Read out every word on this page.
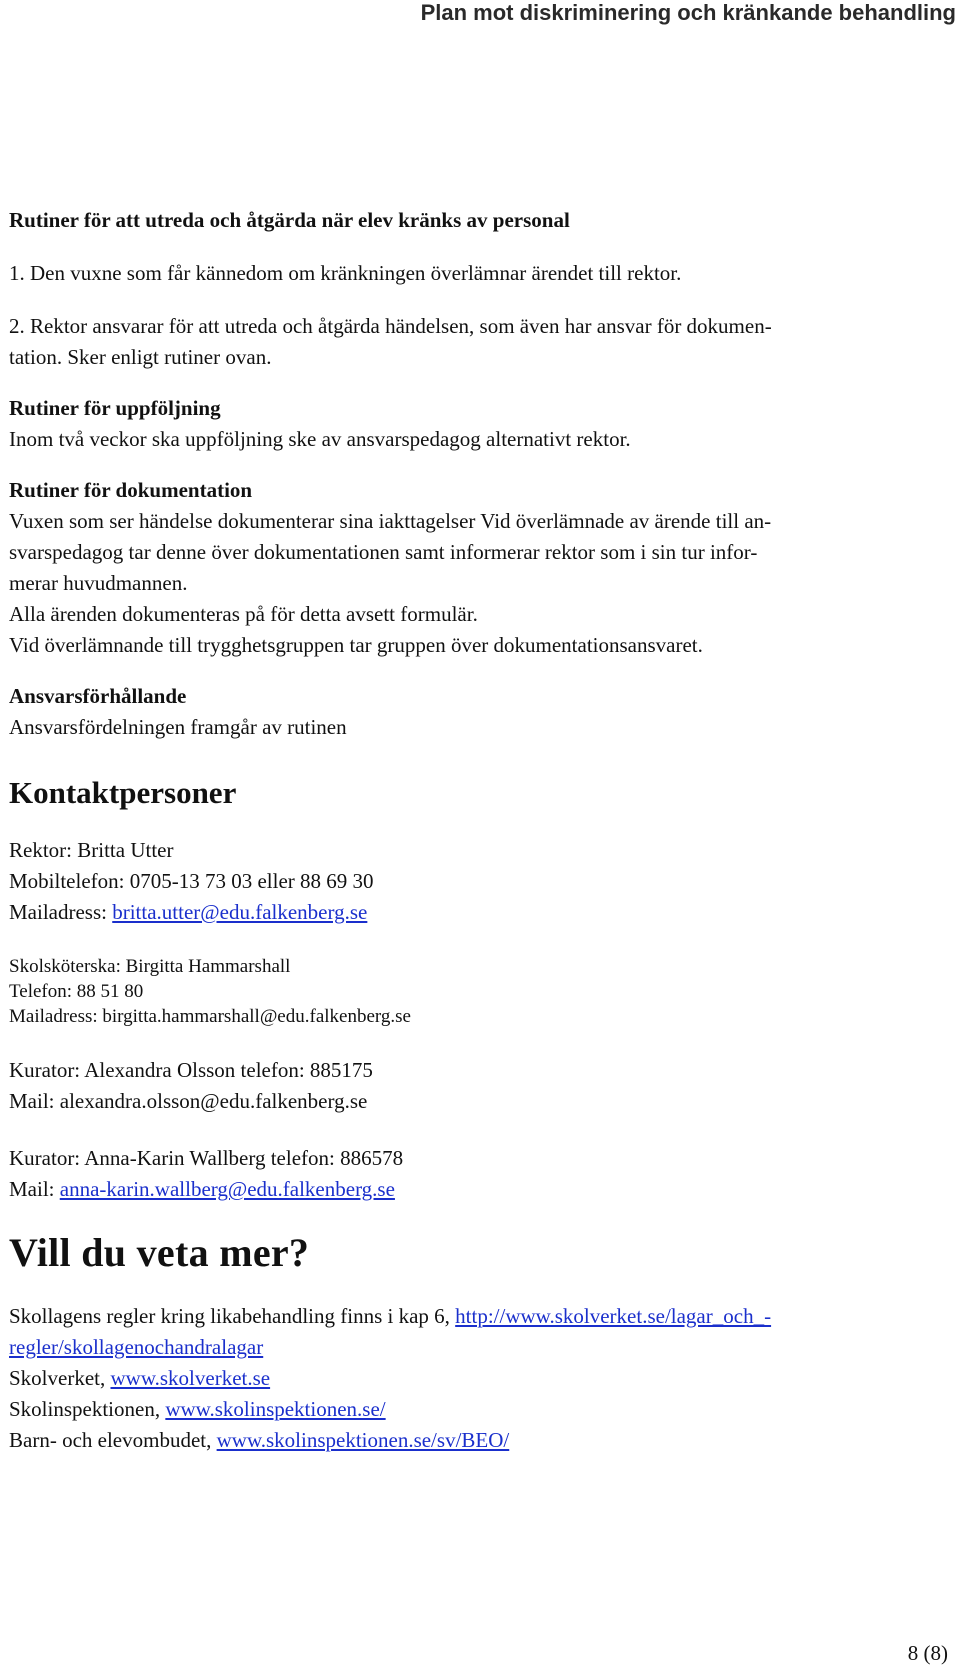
Plan mot diskriminering och kränkande behandling

Rutiner för att utreda och åtgärda när elev kränks av personal

1. Den vuxne som får kännedom om kränkningen överlämnar ärendet till rektor.

2. Rektor ansvarar för att utreda och åtgärda händelsen, som även har ansvar för dokumen-

tation. Sker enligt rutiner ovan.

Rutiner för uppföljning

Inom två veckor ska uppföljning ske av ansvarspedagog alternativt rektor.

Rutiner för dokumentation

Vuxen som ser händelse dokumenterar sina iakttagelser Vid överlämnade av ärende till an-

svarspedagog tar denne över dokumentationen samt informerar rektor som i sin tur infor-

merar huvudmannen.

Alla ärenden dokumenteras på för detta avsett formulär.

Vid överlämnande till trygghetsgruppen tar gruppen över dokumentationsansvaret.

Ansvarsförhållande

Ansvarsfördelningen framgår av rutinen

Kontaktpersoner

Rektor: Britta Utter

Mobiltelefon: 0705-13 73 03 eller 88 69 30

Mailadress: britta.utter@edu.falkenberg.se

Skolsköterska: Birgitta Hammarshall

Telefon: 88 51 80

Mailadress: birgitta.hammarshall@edu.falkenberg.se

Kurator: Alexandra Olsson telefon: 885175

Mail: alexandra.olsson@edu.falkenberg.se

Kurator: Anna-Karin Wallberg telefon: 886578

Mail: anna-karin.wallberg@edu.falkenberg.se

Vill du veta mer?

Skollagens regler kring likabehandling finns i kap 6, http://www.skolverket.se/lagar_och_-

regler/skollagenochandralagar

Skolverket, www.skolverket.se

Skolinspektionen, www.skolinspektionen.se/

Barn- och elevombudet, www.skolinspektionen.se/sv/BEO/

8 (8)
